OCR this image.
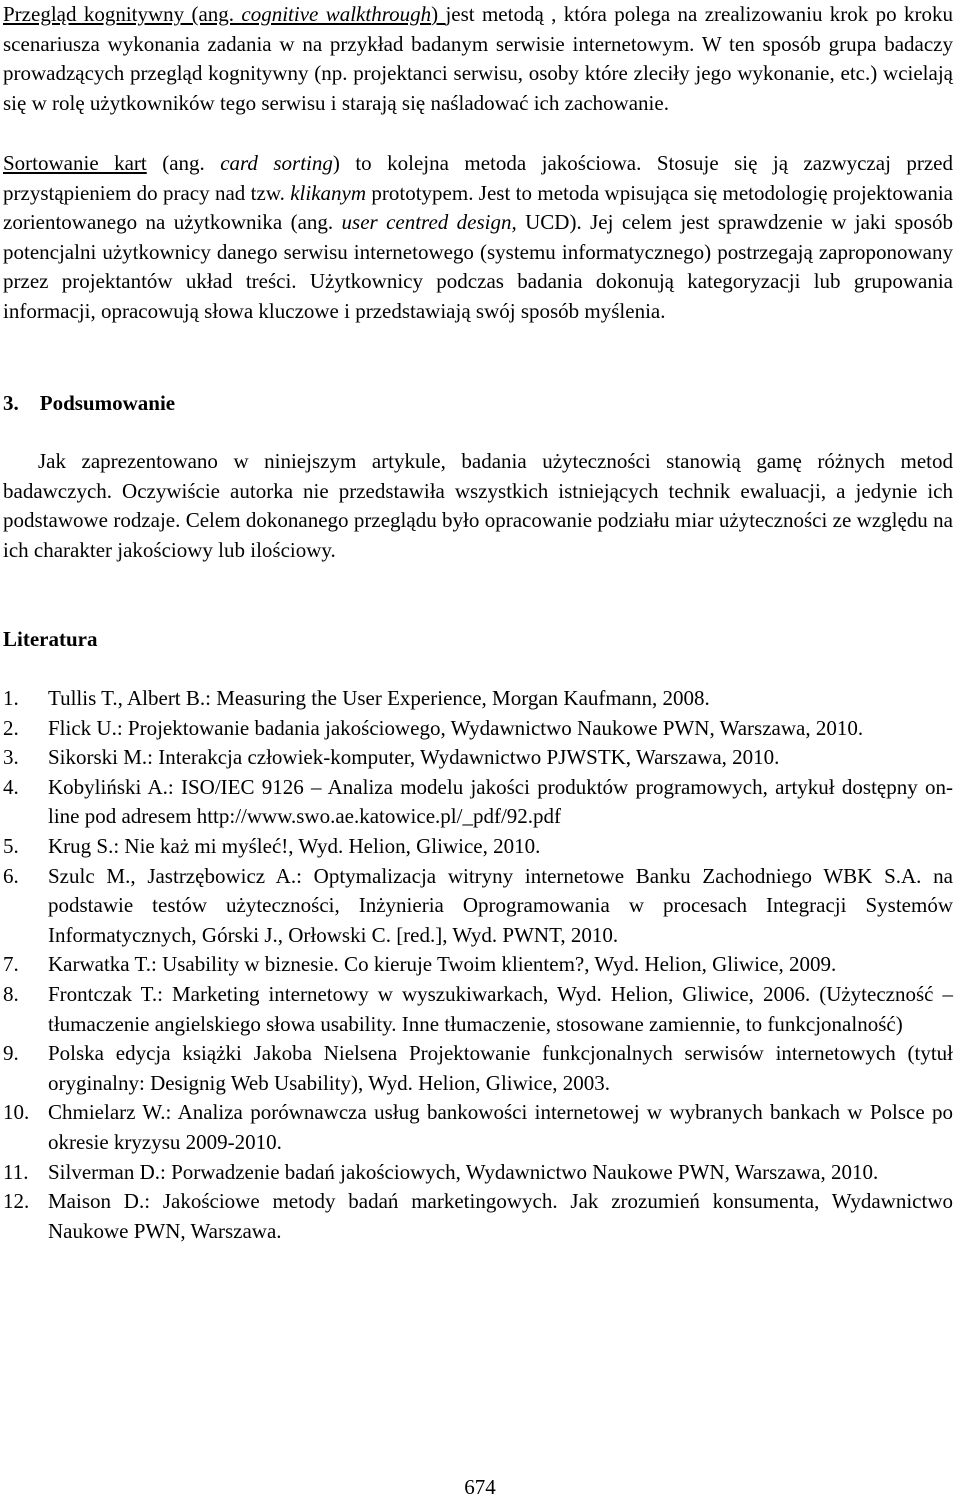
Przegląd kognitywny (ang. cognitive walkthrough) jest metodą , która polega na zrealizowaniu krok po kroku scenariusza wykonania zadania w na przykład badanym serwisie internetowym. W ten sposób grupa badaczy prowadzących przegląd kognitywny (np. projektanci serwisu, osoby które zleciły jego wykonanie, etc.) wcielają się w rolę użytkowników tego serwisu i starają się naśladować ich zachowanie.

Sortowanie kart (ang. card sorting) to kolejna metoda jakościowa. Stosuje się ją zazwyczaj przed przystąpieniem do pracy nad tzw. klikanym prototypem. Jest to metoda wpisująca się metodologię projektowania zorientowanego na użytkownika (ang. user centred design, UCD). Jej celem jest sprawdzenie w jaki sposób potencjalni użytkownicy danego serwisu internetowego (systemu informatycznego) postrzegają zaproponowany przez projektantów układ treści. Użytkownicy podczas badania dokonują kategoryzacji lub grupowania informacji, opracowują słowa kluczowe i przedstawiają swój sposób myślenia.

3.    Podsumowanie

Jak zaprezentowano w niniejszym artykule, badania użyteczności stanowią gamę różnych metod badawczych. Oczywiście autorka nie przedstawiła wszystkich istniejących technik ewaluacji, a jedynie ich podstawowe rodzaje. Celem dokonanego przeglądu było opracowanie podziału miar użyteczności ze względu na ich charakter jakościowy lub ilościowy.

Literatura

1. Tullis T., Albert B.: Measuring the User Experience, Morgan Kaufmann, 2008.
2. Flick U.: Projektowanie badania jakościowego, Wydawnictwo Naukowe PWN, Warszawa, 2010.
3. Sikorski M.: Interakcja człowiek-komputer, Wydawnictwo PJWSTK, Warszawa, 2010.
4. Kobyliński A.: ISO/IEC 9126 – Analiza modelu jakości produktów programowych, artykuł dostępny on-line pod adresem http://www.swo.ae.katowice.pl/_pdf/92.pdf
5. Krug S.: Nie każ mi myśleć!, Wyd. Helion, Gliwice, 2010.
6. Szulc M., Jastrzębowicz A.: Optymalizacja witryny internetowe Banku Zachodniego WBK S.A. na podstawie testów użyteczności, Inżynieria Oprogramowania w procesach Integracji Systemów Informatycznych, Górski J., Orłowski C. [red.], Wyd. PWNT, 2010.
7. Karwatka T.: Usability w biznesie. Co kieruje Twoim klientem?, Wyd. Helion, Gliwice, 2009.
8. Frontczak T.: Marketing internetowy w wyszukiwarkach, Wyd. Helion, Gliwice, 2006. (Użyteczność – tłumaczenie angielskiego słowa usability. Inne tłumaczenie, stosowane zamiennie, to funkcjonalność)
9. Polska edycja książki Jakoba Nielsena Projektowanie funkcjonalnych serwisów internetowych (tytuł oryginalny: Designig Web Usability), Wyd. Helion, Gliwice, 2003.
10. Chmielarz W.: Analiza porównawcza usług bankowości internetowej w wybranych bankach w Polsce po okresie kryzysu 2009-2010.
11. Silverman D.: Porwadzenie badań jakościowych, Wydawnictwo Naukowe PWN, Warszawa, 2010.
12. Maison D.: Jakościowe metody badań marketingowych. Jak zrozumień konsumenta, Wydawnictwo Naukowe PWN, Warszawa.
674
